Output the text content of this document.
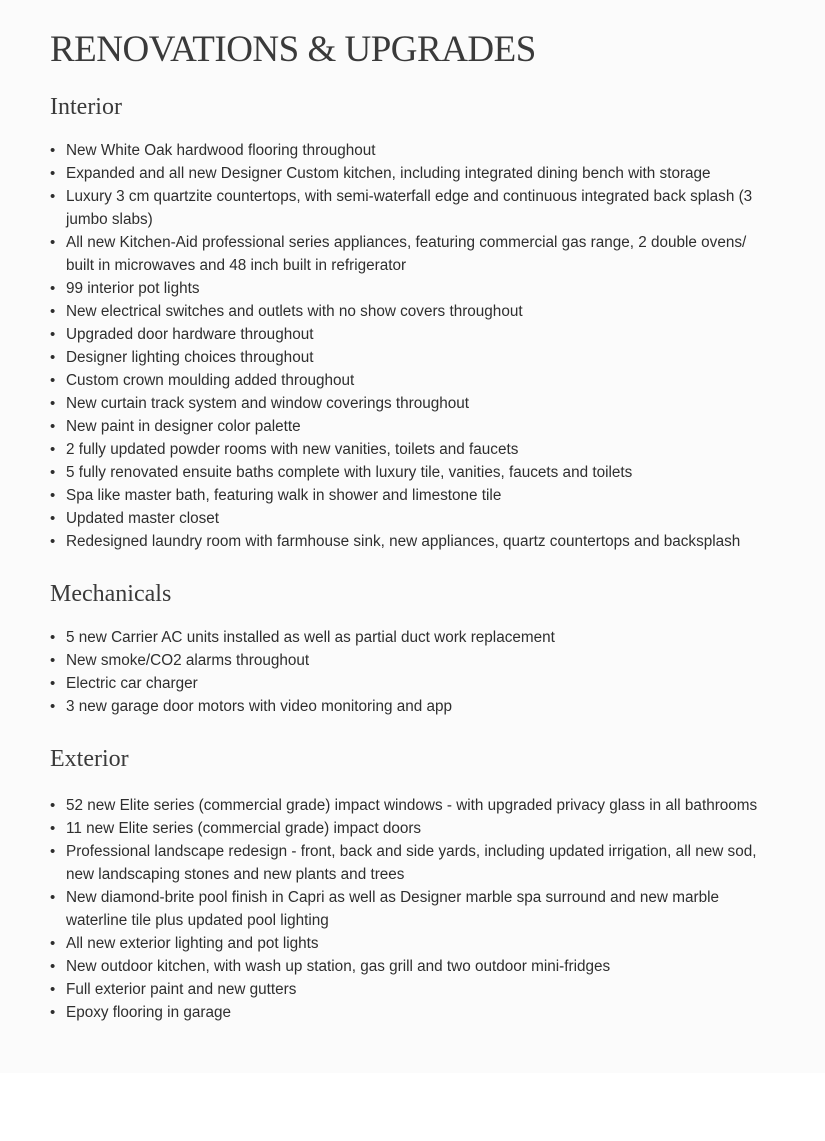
RENOVATIONS & UPGRADES
Interior
• New White Oak hardwood flooring throughout
• Expanded and all new Designer Custom kitchen, including integrated dining bench with storage
• Luxury 3 cm quartzite countertops, with semi-waterfall edge and continuous integrated back splash (3 jumbo slabs)
• All new Kitchen-Aid professional series appliances, featuring commercial gas range, 2 double ovens/ built in microwaves and 48 inch built in refrigerator
• 99 interior pot lights
• New electrical switches and outlets with no show covers throughout
• Upgraded door hardware throughout
• Designer lighting choices throughout
• Custom crown moulding added throughout
• New curtain track system and window coverings throughout
• New paint in designer color palette
• 2 fully updated powder rooms with new vanities, toilets and faucets
• 5 fully renovated ensuite baths complete with luxury tile, vanities, faucets and toilets
• Spa like master bath, featuring walk in shower and limestone tile
• Updated master closet
• Redesigned laundry room with farmhouse sink, new appliances, quartz countertops and backsplash
Mechanicals
• 5 new Carrier AC units installed as well as partial duct work replacement
• New smoke/CO2 alarms throughout
• Electric car charger
• 3 new garage door motors with video monitoring and app
Exterior
• 52 new Elite series (commercial grade) impact windows - with upgraded privacy glass in all bathrooms
• 11 new Elite series (commercial grade) impact doors
• Professional landscape redesign - front, back and side yards, including updated irrigation, all new sod, new landscaping stones and new plants and trees
• New diamond-brite pool finish in Capri as well as Designer marble spa surround and new marble waterline tile plus updated pool lighting
• All new exterior lighting and pot lights
• New outdoor kitchen, with wash up station, gas grill and two outdoor mini-fridges
• Full exterior paint and new gutters
• Epoxy flooring in garage
